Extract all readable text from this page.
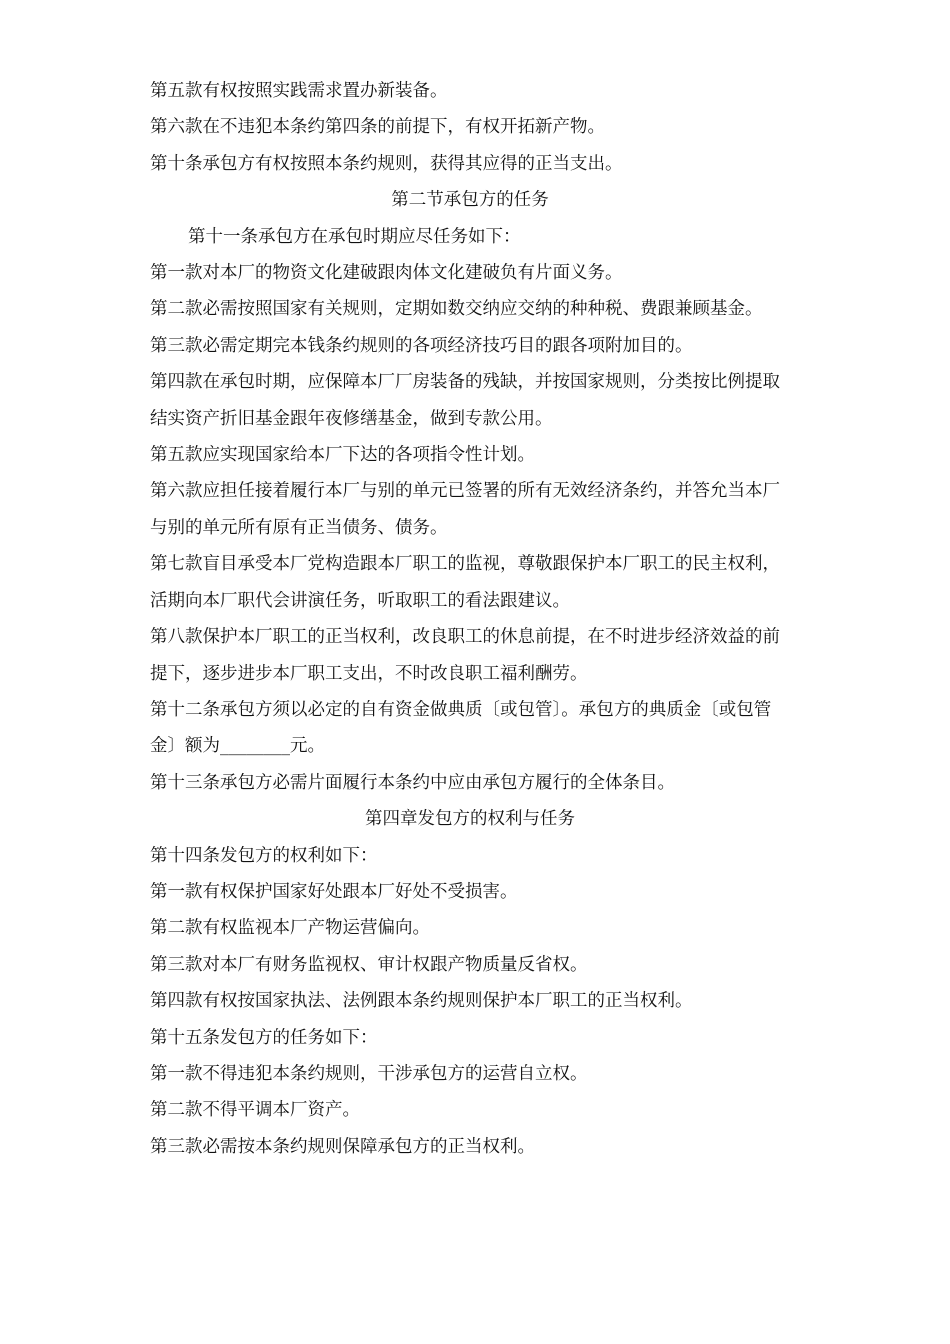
第五款有权按照实践需求置办新装备。

第六款在不违犯本条约第四条的前提下，有权开拓新产物。

第十条承包方有权按照本条约规则，获得其应得的正当支出。

第二节承包方的任务

第十一条承包方在承包时期应尽任务如下：

第一款对本厂的物资文化建破跟肉体文化建破负有片面义务。

第二款必需按照国家有关规则，定期如数交纳应交纳的种种税、费跟兼顾基金。

第三款必需定期完本钱条约规则的各项经济技巧目的跟各项附加目的。

第四款在承包时期，应保障本厂厂房装备的残缺，并按国家规则，分类按比例提取结实资产折旧基金跟年夜修缮基金，做到专款公用。

第五款应实现国家给本厂下达的各项指令性计划。

第六款应担任接着履行本厂与别的单元已签署的所有无效经济条约，并答允当本厂与别的单元所有原有正当债务、债务。

第七款盲目承受本厂党构造跟本厂职工的监视，尊敬跟保护本厂职工的民主权利，活期向本厂职代会讲演任务，听取职工的看法跟建议。

第八款保护本厂职工的正当权利，改良职工的休息前提，在不时进步经济效益的前提下，逐步进步本厂职工支出，不时改良职工福利酬劳。

第十二条承包方须以必定的自有资金做典质〔或包管〕。承包方的典质金〔或包管金〕额为________元。

第十三条承包方必需片面履行本条约中应由承包方履行的全体条目。

第四章发包方的权利与任务

第十四条发包方的权利如下：

第一款有权保护国家好处跟本厂好处不受损害。

第二款有权监视本厂产物运营偏向。

第三款对本厂有财务监视权、审计权跟产物质量反省权。

第四款有权按国家执法、法例跟本条约规则保护本厂职工的正当权利。

第十五条发包方的任务如下：

第一款不得违犯本条约规则，干涉承包方的运营自立权。

第二款不得平调本厂资产。

第三款必需按本条约规则保障承包方的正当权利。
